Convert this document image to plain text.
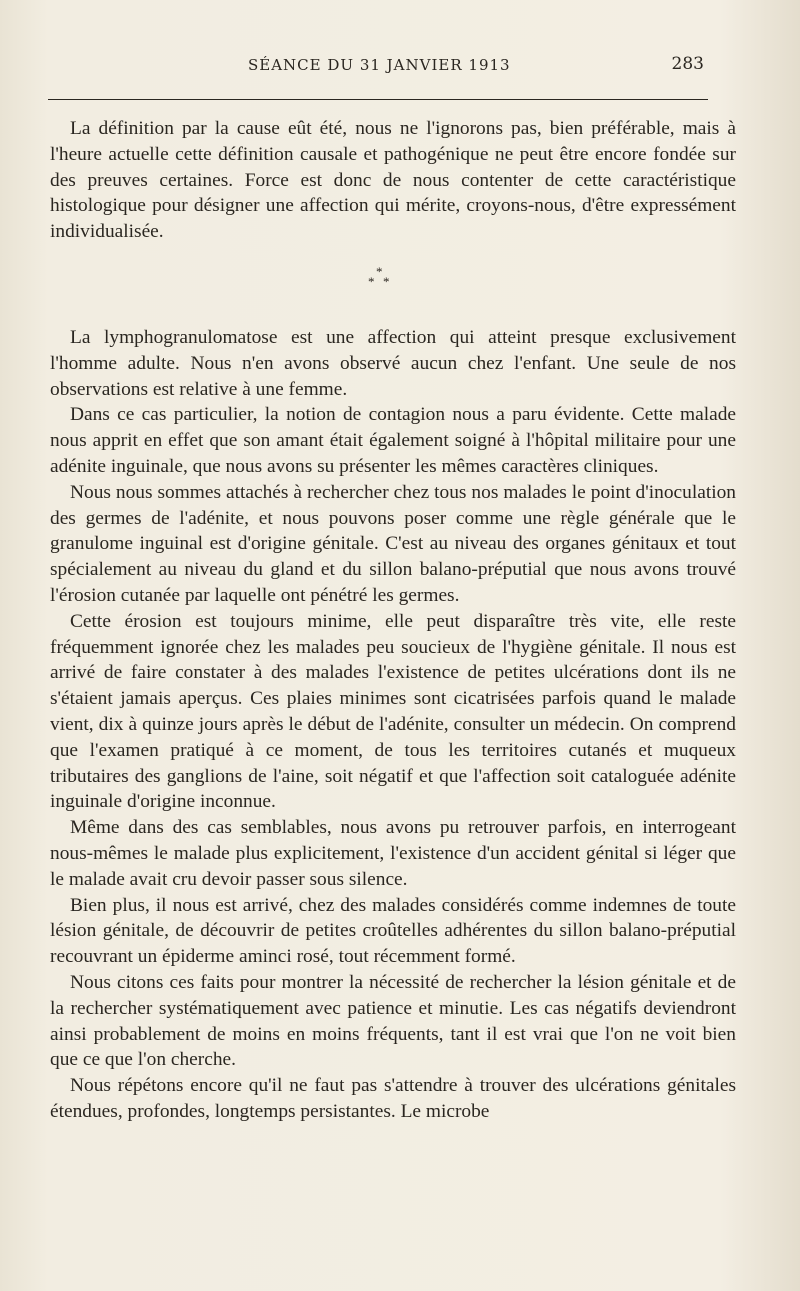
SÉANCE DU 31 JANVIER 1913	283

La définition par la cause eût été, nous ne l'ignorons pas, bien préférable, mais à l'heure actuelle cette définition causale et pathogénique ne peut être encore fondée sur des preuves certaines. Force est donc de nous contenter de cette caractéristique histologique pour désigner une affection qui mérite, croyons-nous, d'être expressément individualisée.

*
* *

La lymphogranulomatose est une affection qui atteint presque exclusivement l'homme adulte. Nous n'en avons observé aucun chez l'enfant. Une seule de nos observations est relative à une femme.

Dans ce cas particulier, la notion de contagion nous a paru évidente. Cette malade nous apprit en effet que son amant était également soigné à l'hôpital militaire pour une adénite inguinale, que nous avons su présenter les mêmes caractères cliniques.

Nous nous sommes attachés à rechercher chez tous nos malades le point d'inoculation des germes de l'adénite, et nous pouvons poser comme une règle générale que le granulome inguinal est d'origine génitale. C'est au niveau des organes génitaux et tout spécialement au niveau du gland et du sillon balano-préputial que nous avons trouvé l'érosion cutanée par laquelle ont pénétré les germes.

Cette érosion est toujours minime, elle peut disparaître très vite, elle reste fréquemment ignorée chez les malades peu soucieux de l'hygiène génitale. Il nous est arrivé de faire constater à des malades l'existence de petites ulcérations dont ils ne s'étaient jamais aperçus. Ces plaies minimes sont cicatrisées parfois quand le malade vient, dix à quinze jours après le début de l'adénite, consulter un médecin. On comprend que l'examen pratiqué à ce moment, de tous les territoires cutanés et muqueux tributaires des ganglions de l'aine, soit négatif et que l'affection soit cataloguée adénite inguinale d'origine inconnue.

Même dans des cas semblables, nous avons pu retrouver parfois, en interrogeant nous-mêmes le malade plus explicitement, l'existence d'un accident génital si léger que le malade avait cru devoir passer sous silence.

Bien plus, il nous est arrivé, chez des malades considérés comme indemnes de toute lésion génitale, de découvrir de petites croûtelles adhérentes du sillon balano-préputial recouvrant un épiderme aminci rosé, tout récemment formé.

Nous citons ces faits pour montrer la nécessité de rechercher la lésion génitale et de la rechercher systématiquement avec patience et minutie. Les cas négatifs deviendront ainsi probablement de moins en moins fréquents, tant il est vrai que l'on ne voit bien que ce que l'on cherche.

Nous répétons encore qu'il ne faut pas s'attendre à trouver des ulcérations génitales étendues, profondes, longtemps persistantes. Le microbe
